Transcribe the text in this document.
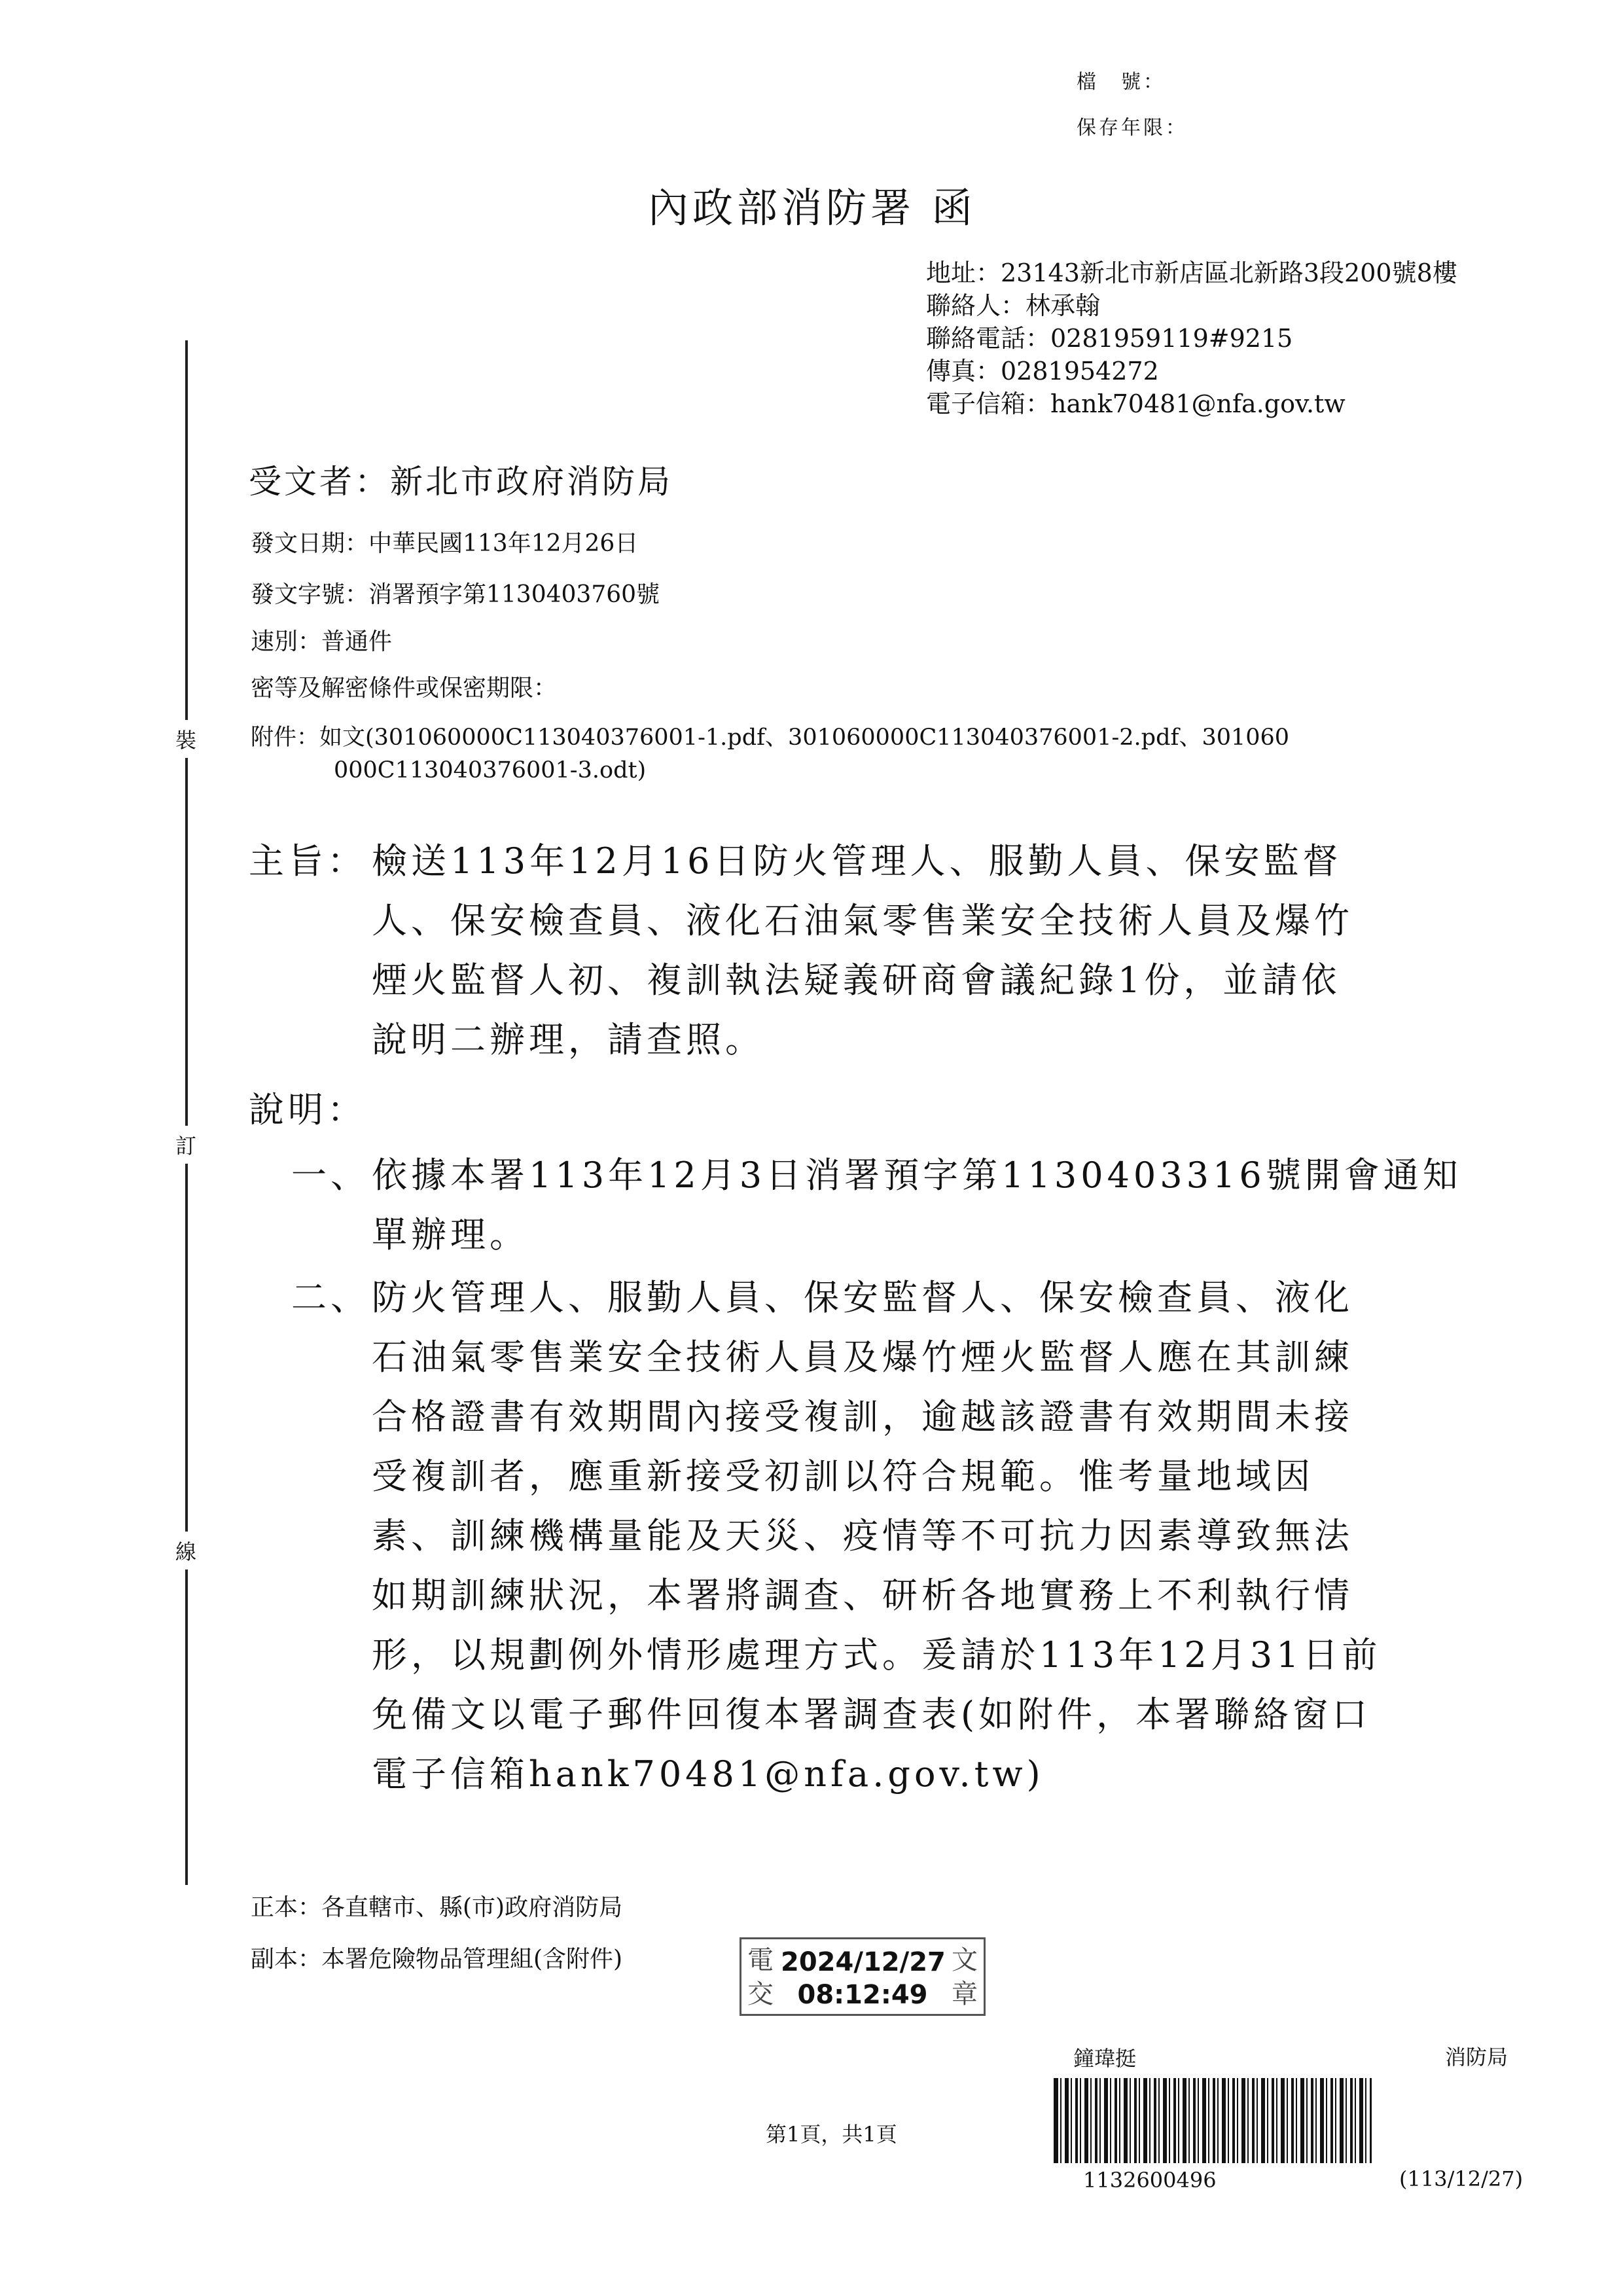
檔　號：
保存年限：
內政部消防署 函
地址：23143新北市新店區北新路3段200號8樓
聯絡人：林承翰
聯絡電話：0281959119#9215
傳真：0281954272
電子信箱：hank70481@nfa.gov.tw
裝
訂
線
受文者：新北市政府消防局
發文日期：中華民國113年12月26日
發文字號：消署預字第1130403760號
速別：普通件
密等及解密條件或保密期限：
附件：如文(301060000C113040376001-1.pdf、301060000C113040376001-2.pdf、301060
000C113040376001-3.odt)
主旨： 檢送113年12月16日防火管理人、服勤人員、保安監督
人、保安檢查員、液化石油氣零售業安全技術人員及爆竹
煙火監督人初、複訓執法疑義研商會議紀錄1份，並請依
說明二辦理，請查照。
說明：
一、 依據本署113年12月3日消署預字第1130403316號開會通知
單辦理。
二、 防火管理人、服勤人員、保安監督人、保安檢查員、液化
石油氣零售業安全技術人員及爆竹煙火監督人應在其訓練
合格證書有效期間內接受複訓，逾越該證書有效期間未接
受複訓者，應重新接受初訓以符合規範。惟考量地域因
素、訓練機構量能及天災、疫情等不可抗力因素導致無法
如期訓練狀況，本署將調查、研析各地實務上不利執行情
形，以規劃例外情形處理方式。爰請於113年12月31日前
免備文以電子郵件回復本署調查表(如附件，本署聯絡窗口
電子信箱hank70481@nfa.gov.tw)
正本：各直轄市、縣(市)政府消防局
副本：本署危險物品管理組(含附件)	電交
2024/12/27
08:12:49
文章
鐘瑋挺	消防局
第1頁，共1頁
1132600496	(113/12/27)
